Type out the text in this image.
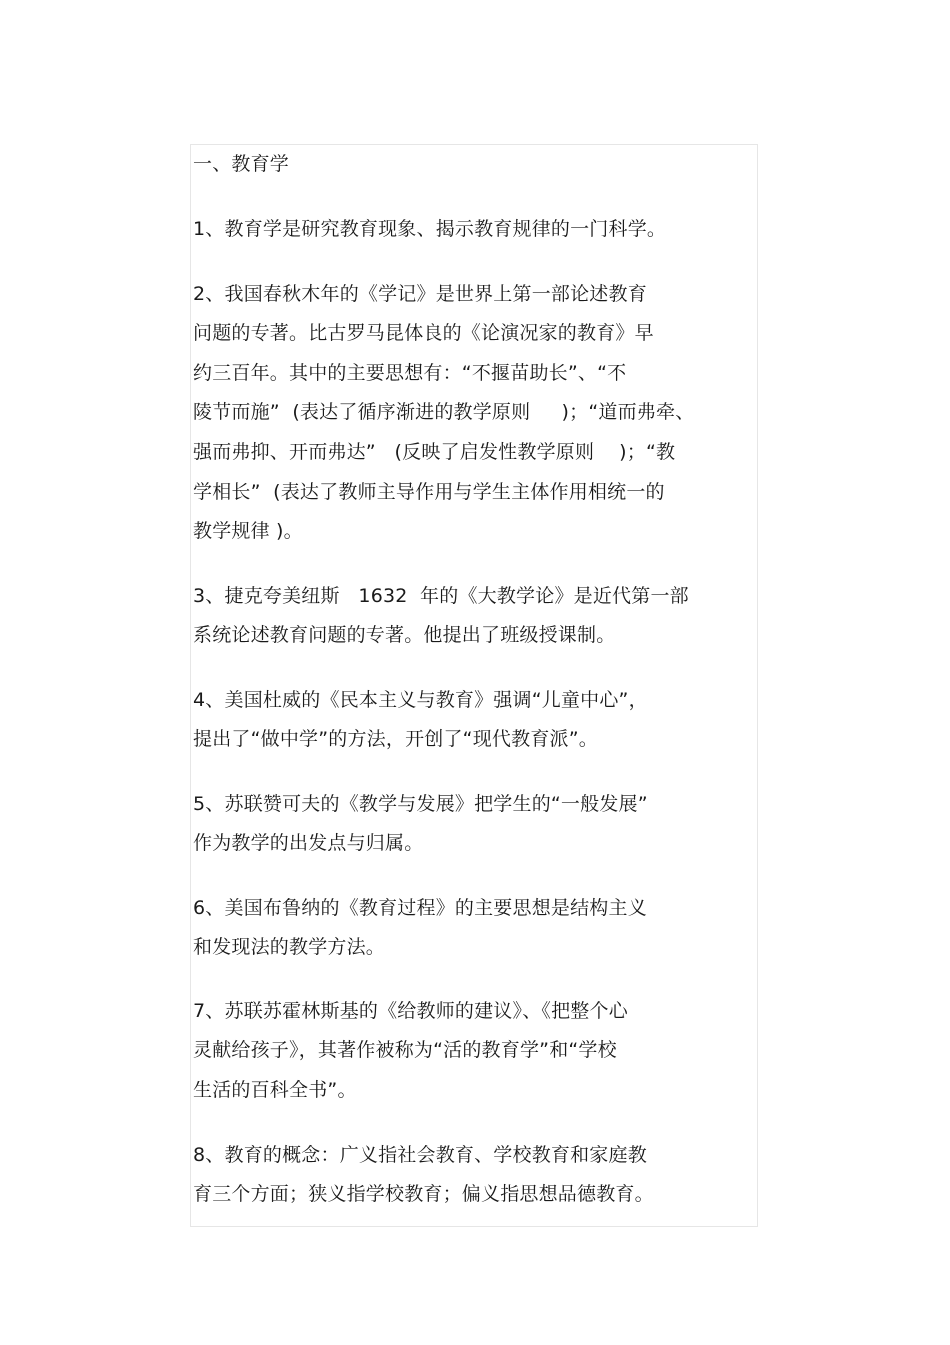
一、教育学
1、教育学是研究教育现象、揭示教育规律的一门科学。
2、我国春秋木年的《学记》是世界上第一部论述教育
问题的专著。比古罗马昆体良的《论演况家的教育》早
约三百年。其中的主要思想有：“不揠苗助长”、“不
陵节而施”  (表达了循序渐进的教学原则     )；“道而弗牵、
强而弗抑、开而弗达”   (反映了启发性教学原则    )；“教
学相长”  (表达了教师主导作用与学生主体作用相统一的
教学规律 )。
3、捷克夸美纽斯   1632  年的《大教学论》是近代第一部
系统论述教育问题的专著。他提出了班级授课制。
4、美国杜威的《民本主义与教育》强调“儿童中心”，
提出了“做中学”的方法，开创了“现代教育派”。
5、苏联赞可夫的《教学与发展》把学生的“一般发展”
作为教学的出发点与归属。
6、美国布鲁纳的《教育过程》的主要思想是结构主义
和发现法的教学方法。
7、苏联苏霍林斯基的《给教师的建议》、《把整个心
灵献给孩子》，其著作被称为“活的教育学”和“学校
生活的百科全书”。
8、教育的概念：广义指社会教育、学校教育和家庭教
育三个方面；狭义指学校教育；偏义指思想品德教育。
